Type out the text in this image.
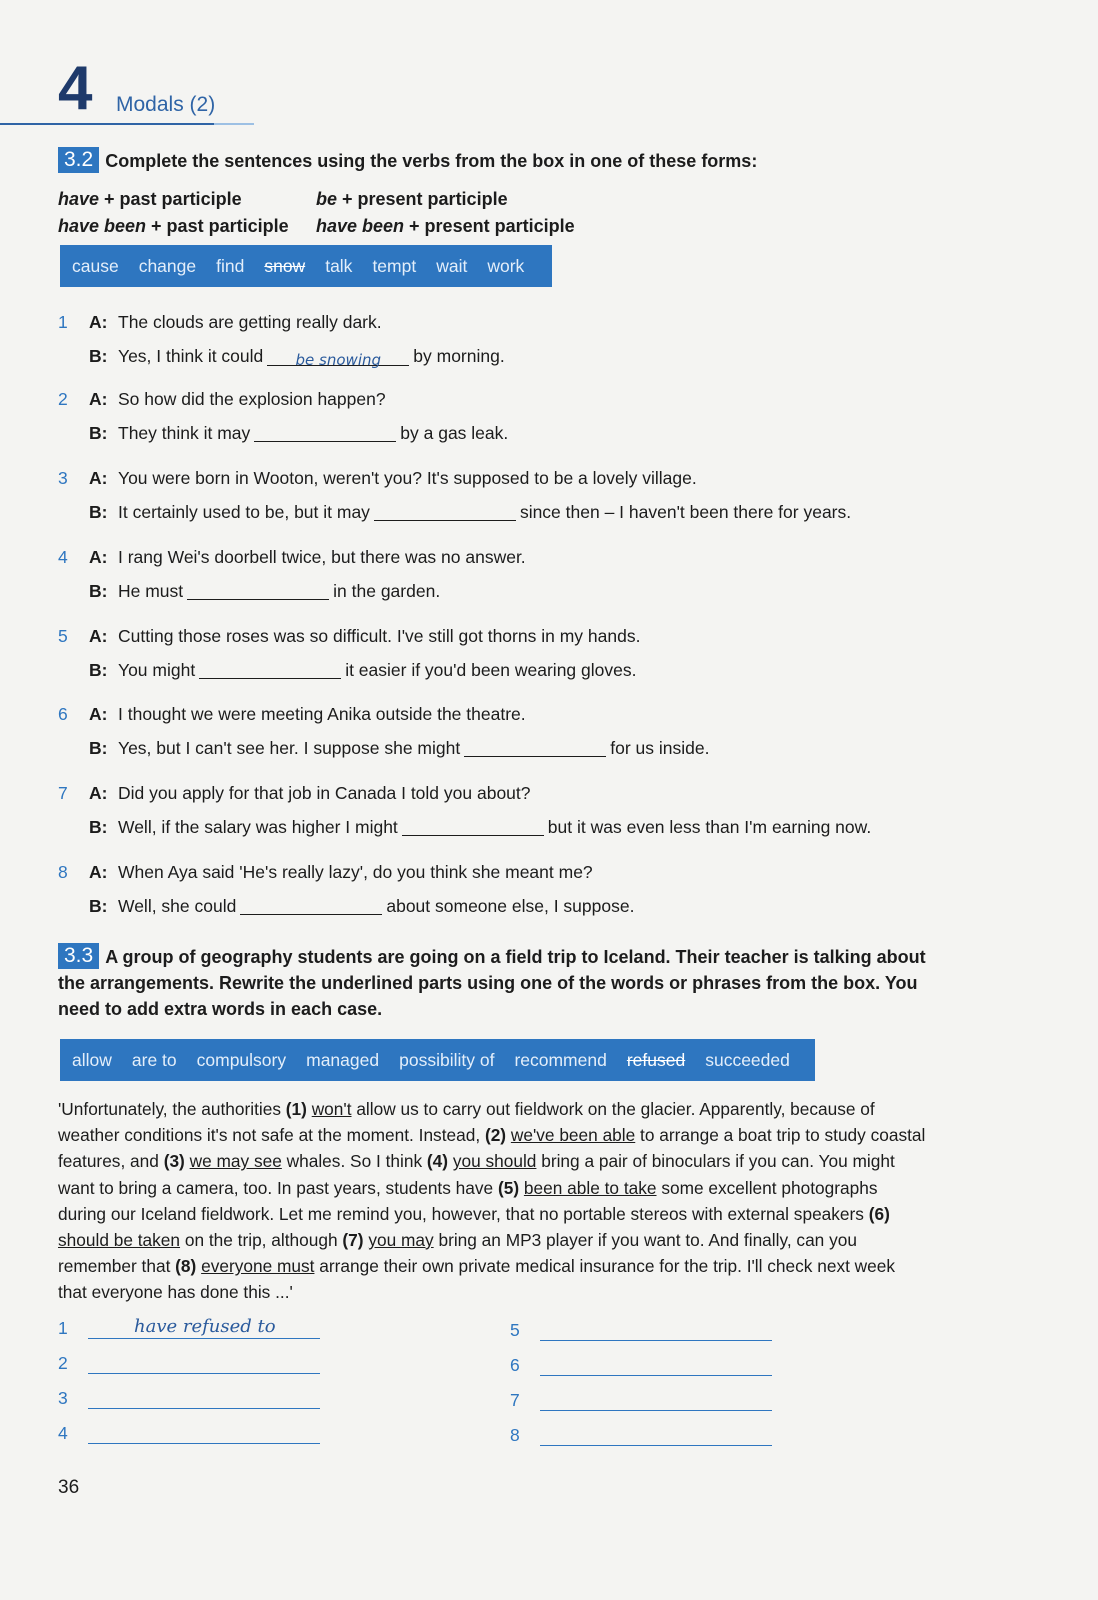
4 Modals (2)
3.2 Complete the sentences using the verbs from the box in one of these forms:
have + past participle	be + present participle
have been + past participle have been + present participle
cause change find snow talk tempt wait work
1 A: The clouds are getting really dark.
B: Yes, I think it could be snowing by morning.
2 A: So how did the explosion happen?
B: They think it may	by a gas leak.
3 A: You were born in Wooton, weren't you? It's supposed to be a lovely village.
B: It certainly used to be, but it may	since then – I haven't been there for years.
4 A: I rang Wei's doorbell twice, but there was no answer.
B: He must	in the garden.
5 A: Cutting those roses was so difficult. I've still got thorns in my hands.
B: You might	it easier if you'd been wearing gloves.
6 A: I thought we were meeting Anika outside the theatre.
B: Yes, but I can't see her. I suppose she might	for us inside.
7 A: Did you apply for that job in Canada I told you about?
B: Well, if the salary was higher I might	but it was even less than I'm earning now.
8 A: When Aya said 'He's really lazy', do you think she meant me?
B: Well, she could	about someone else, I suppose.
3.3 A group of geography students are going on a field trip to Iceland. Their teacher is talking about the arrangements. Rewrite the underlined parts using one of the words or phrases from the box. You need to add extra words in each case.
allow are to compulsory managed possibility of recommend refused succeeded
'Unfortunately, the authorities (1) won't allow us to carry out fieldwork on the glacier. Apparently, because of weather conditions it's not safe at the moment. Instead, (2) we've been able to arrange a boat trip to study coastal features, and (3) we may see whales. So I think (4) you should bring a pair of binoculars if you can. You might want to bring a camera, too. In past years, students have (5) been able to take some excellent photographs during our Iceland fieldwork. Let me remind you, however, that no portable stereos with external speakers (6) should be taken on the trip, although (7) you may bring an MP3 player if you want to. And finally, can you remember that (8) everyone must arrange their own private medical insurance for the trip. I'll check next week that everyone has done this ...'
1	have refused to
2
3
4
5
6
7
8
36
